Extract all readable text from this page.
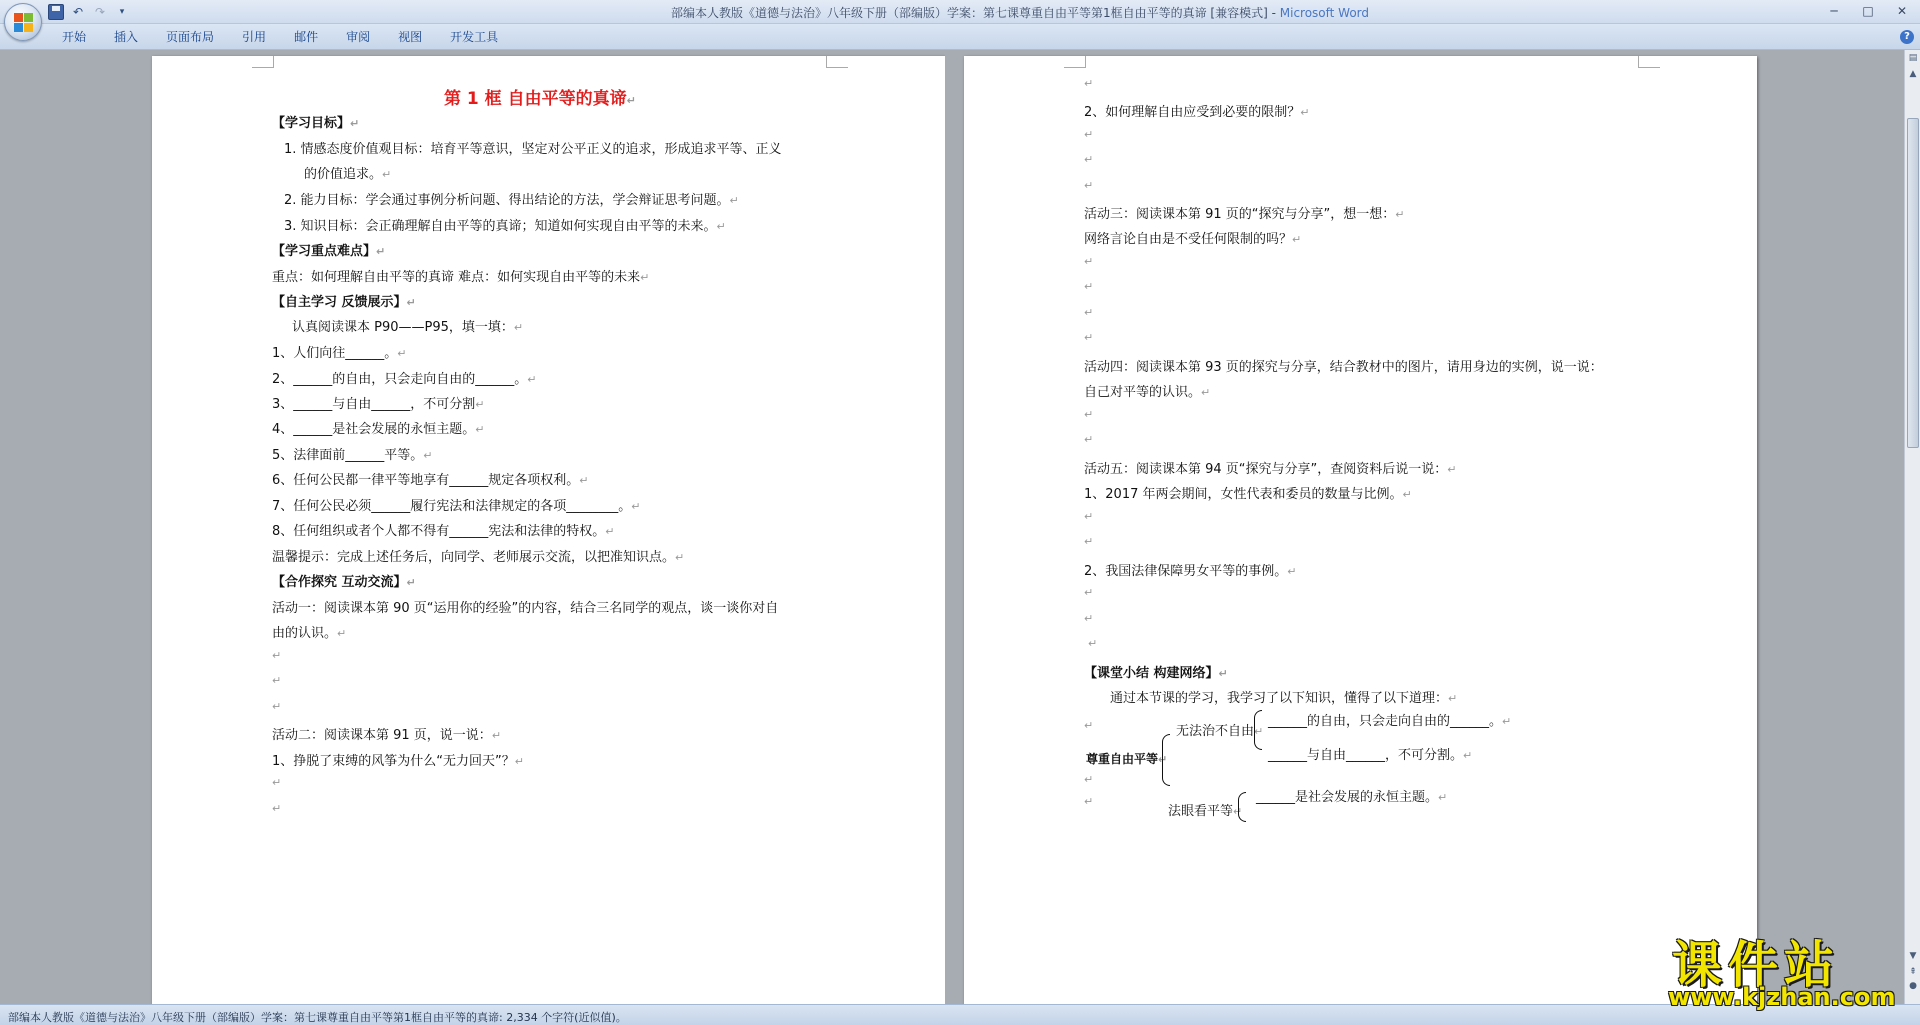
↶ ↷	▾	部编本人教版《道德与法治》八年级下册（部编版）学案：第七课尊重自由平等第1框自由平等的真谛 [兼容模式] - Microsoft Word	─	□	✕
开始	插入	页面布局	引用	邮件	审阅	视图	开发工具	?
第 1 框 自由平等的真谛↵
【学习目标】↵
1. 情感态度价值观目标：培育平等意识，坚定对公平正义的追求，形成追求平等、正义
的价值追求。↵
2. 能力目标：学会通过事例分析问题、得出结论的方法，学会辩证思考问题。↵
3. 知识目标：会正确理解自由平等的真谛；知道如何实现自由平等的未来。↵
【学习重点难点】↵
重点：如何理解自由平等的真谛 难点：如何实现自由平等的未来↵
【自主学习 反馈展示】↵
认真阅读课本 P90——P95，填一填：↵
1、人们向往______。↵
2、______的自由，只会走向自由的______。↵
3、______与自由______，不可分割↵
4、______是社会发展的永恒主题。↵
5、法律面前______平等。↵
6、任何公民都一律平等地享有______规定各项权利。↵
7、任何公民必须______履行宪法和法律规定的各项________。↵
8、任何组织或者个人都不得有______宪法和法律的特权。↵
温馨提示：完成上述任务后，向同学、老师展示交流，以把准知识点。↵
【合作探究 互动交流】↵
活动一：阅读课本第 90 页“运用你的经验”的内容，结合三名同学的观点，谈一谈你对自
由的认识。↵
↵
↵
↵
活动二：阅读课本第 91 页，说一说：↵
1、挣脱了束缚的风筝为什么“无力回天”？↵
↵
↵
↵
2、如何理解自由应受到必要的限制？↵
↵
↵
↵
活动三：阅读课本第 91 页的“探究与分享”，想一想：↵
网络言论自由是不受任何限制的吗？↵
↵
↵
↵
↵
活动四：阅读课本第 93 页的探究与分享，结合教材中的图片，请用身边的实例，说一说：
自己对平等的认识。↵
↵
↵
活动五：阅读课本第 94 页“探究与分享”，查阅资料后说一说：↵
1、2017 年两会期间，女性代表和委员的数量与比例。↵
↵
↵
2、我国法律保障男女平等的事例。↵
↵
↵
↵
【课堂小结 构建网络】↵
通过本节课的学习，我学习了以下知识，懂得了以下道理：↵
↵	无法治不自由↵
______的自由，只会走向自由的______。↵
______与自由______，不可分割。↵
尊重自由平等↵
↵
↵
法眼看平等↵
______是社会发展的永恒主题。↵
▤
▲
▼
⇞
●
部编本人教版《道德与法治》八年级下册（部编版）学案：第七课尊重自由平等第1框自由平等的真谛: 2,334 个字符(近似值)。
课件站
www.kjzhan.com
